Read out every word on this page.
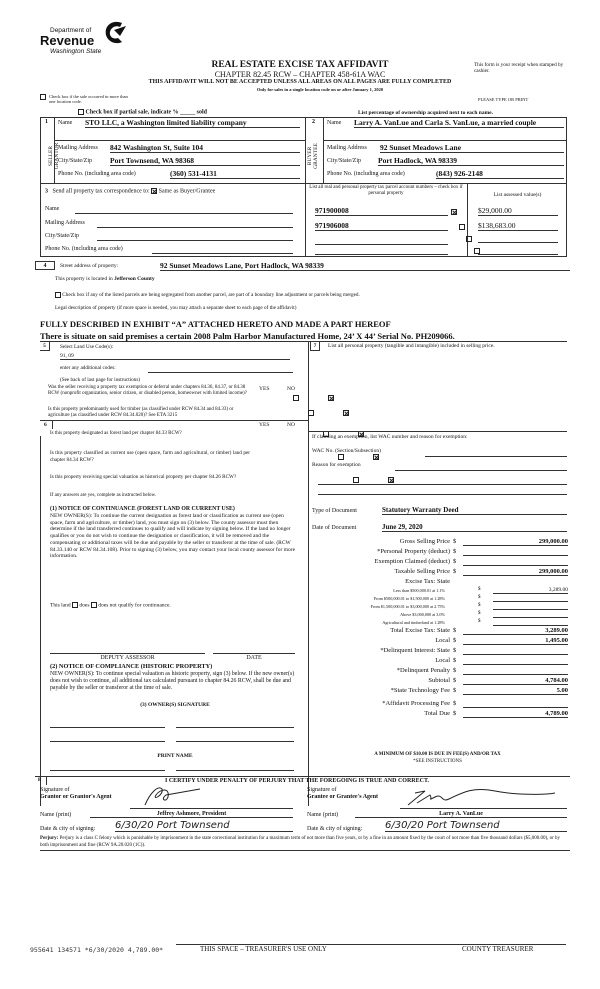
Department of
Revenue
Washington State
REAL ESTATE EXCISE TAX AFFIDAVIT
CHAPTER 82.45 RCW – CHAPTER 458-61A WAC
THIS AFFIDAVIT WILL NOT BE ACCEPTED UNLESS ALL AREAS ON ALL PAGES ARE FULLY COMPLETED
Only for sales in a single location code on or after January 1, 2020
This form is your receipt when stamped by cashier.
PLEASE TYPE OR PRINT
Check box if the sale occurred in more than one location code.
Check box if partial sale, indicate % _____ sold	List percentage of ownership acquired next to each name.
1
SELLER GRANTOR
Name STO LLC, a Washington limited liability company
Mailing Address 842 Washington St, Suite 104
City/State/Zip Port Townsend, WA 98368
Phone No. (including area code)	(360) 531-4131
2
BUYER GRANTEE
Name Larry A. VanLue and Carla S. VanLue, a married couple
Mailing Address 92 Sunset Meadows Lane
City/State/Zip Port Hadlock, WA 98339
Phone No. (including area code)	(843) 926-2148
3 Send all property tax correspondence to: Same as Buyer/Grantee
Name
Mailing Address
City/State/Zip
Phone No. (including area code)
List all real and personal property tax parcel account numbers – check box if personal property	List assessed value(s)
971900008
	$29,000.00
971906008
	$138,683.00

4	Street address of property:	92 Sunset Meadows Lane, Port Hadlock, WA 98339
This property is located in Jefferson County
Check box if any of the listed parcels are being segregated from another parcel, are part of a boundary line adjustment or parcels being merged.
Legal description of property (if more space is needed, you may attach a separate sheet to each page of the affidavit)
FULLY DESCRIBED IN EXHIBIT “A” ATTACHED HERETO AND MADE A PART HEREOF
There is situate on said premises a certain 2008 Palm Harbor Manufactured Home, 24’ X 44’ Serial No. PH209066.
5	Select Land Use Code(s):
91, 09
enter any additional codes:
(See back of last page for instructions)
YES	NO
Was the seller receiving a property tax exemption or deferral under chapters 84.36, 84.37, or 84.38 RCW (nonprofit organization, senior citizen, or disabled person, homeowner with limited income)?

Is this property predominantly used for timber (as classified under RCW 84.34 and 84.33) or agriculture (as classified under RCW 84.34.020)? See ETA 3215

6	YES	NO
Is this property designated as forest land per chapter 84.33 RCW?

Is this property classified as current use (open space, farm and agricultural, or timber) land per chapter 84.34 RCW?

Is this property receiving special valuation as historical property per chapter 84.26 RCW?

If any answers are yes, complete as instructed below.
(1) NOTICE OF CONTINUANCE (FOREST LAND OR CURRENT USE)
NEW OWNER(S): To continue the current designation as forest land or classification as current use (open space, farm and agriculture, or timber) land, you must sign on (3) below. The county assessor must then determine if the land transferred continues to qualify and will indicate by signing below. If the land no longer qualifies or you do not wish to continue the designation or classification, it will be removed and the compensating or additional taxes will be due and payable by the seller or transferor at the time of sale. (RCW 84.33.140 or RCW 84.34.108). Prior to signing (3) below, you may contact your local county assessor for more information.
This land does does not qualify for continuance.
DEPUTY ASSESSOR	DATE
(2) NOTICE OF COMPLIANCE (HISTORIC PROPERTY)
NEW OWNER(S): To continue special valuation as historic property, sign (3) below. If the new owner(s) does not wish to continue, all additional tax calculated pursuant to chapter 84.26 RCW, shall be due and payable by the seller or transferor at the time of sale.
(3) OWNER(S) SIGNATURE
PRINT NAME
7	List all personal property (tangible and intangible) included in selling price.
If claiming an exemption, list WAC number and reason for exemption:
WAC No. (Section/Subsection)
Reason for exemption
Type of Document	Statutory Warranty Deed
Date of Document	June 29, 2020
Gross Selling Price $	299,000.00
*Personal Property (deduct) $
Exemption Claimed (deduct) $
Taxable Selling Price $	299,000.00
Excise Tax: State
Less than $500,000.01 at 1.1%	$	3,289.00
From $500,000.01 to $1,500,000 at 1.28%	$
From $1,500,000.01 to $3,000,000 at 2.75%	$
Above $3,000,000 at 3.0%	$
Agricultural and timberland at 1.28%	$
Total Excise Tax: State $	3,289.00
Local $	1,495.00
*Delinquent Interest: State $
Local $
*Delinquent Penalty $
Subtotal $	4,784.00
*State Technology Fee $	5.00
*Affidavit Processing Fee $
Total Due $	4,789.00
A MINIMUM OF $10.00 IS DUE IN FEE(S) AND/OR TAX
*SEE INSTRUCTIONS
8	I CERTIFY UNDER PENALTY OF PERJURY THAT THE FOREGOING IS TRUE AND CORRECT.
Signature of
Grantor or Grantor's Agent
Name (print)	Jeffrey Ashmore, President
Date & city of signing: 6/30/20 Port Townsend
Signature of
Grantee or Grantee's Agent
Name (print)	Larry A. VanLue
Date & city of signing: 6/30/20 Port Townsend
Perjury: Perjury is a class C felony which is punishable by imprisonment in the state correctional institution for a maximum term of not more than five years, or by a fine in an amount fixed by the court of not more than five thousand dollars ($5,000.00), or by both imprisonment and fine (RCW 9A.20.020 (1C)).
955641 134571 *6/30/2020 4,789.00*	THIS SPACE – TREASURER'S USE ONLY	COUNTY TREASURER
